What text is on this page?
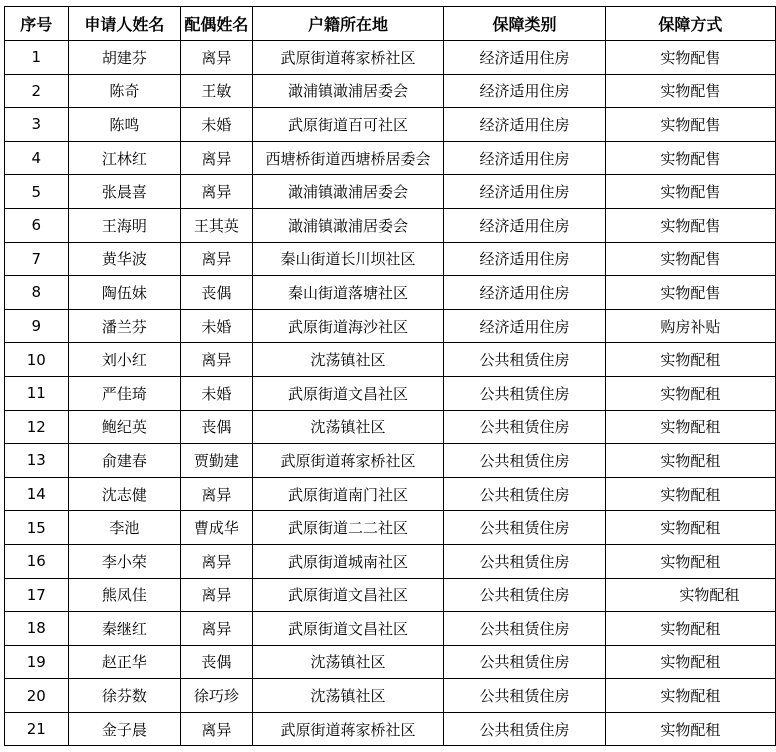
序号	申请人姓名	配偶姓名	户籍所在地	保障类别	保障方式
1	胡建芬	离异	武原街道蒋家桥社区	经济适用住房	实物配售
2	陈奇	王敏	澉浦镇澉浦居委会	经济适用住房	实物配售
3	陈鸣	未婚	武原街道百可社区	经济适用住房	实物配售
4	江林红	离异	西塘桥街道西塘桥居委会	经济适用住房	实物配售
5	张晨喜	离异	澉浦镇澉浦居委会	经济适用住房	实物配售
6	王海明	王其英	澉浦镇澉浦居委会	经济适用住房	实物配售
7	黄华波	离异	秦山街道长川坝社区	经济适用住房	实物配售
8	陶伍妹	丧偶	秦山街道落塘社区	经济适用住房	实物配售
9	潘兰芬	未婚	武原街道海沙社区	经济适用住房	购房补贴
10	刘小红	离异	沈荡镇社区	公共租赁住房	实物配租
11	严佳琦	未婚	武原街道文昌社区	公共租赁住房	实物配租
12	鲍纪英	丧偶	沈荡镇社区	公共租赁住房	实物配租
13	俞建春	贾勤建	武原街道蒋家桥社区	公共租赁住房	实物配租
14	沈志健	离异	武原街道南门社区	公共租赁住房	实物配租
15	李池	曹成华	武原街道二二社区	公共租赁住房	实物配租
16	李小荣	离异	武原街道城南社区	公共租赁住房	实物配租
17	熊凤佳	离异	武原街道文昌社区	公共租赁住房	实物配租
18	秦继红	离异	武原街道文昌社区	公共租赁住房	实物配租
19	赵正华	丧偶	沈荡镇社区	公共租赁住房	实物配租
20	徐芬数	徐巧珍	沈荡镇社区	公共租赁住房	实物配租
21	金子晨	离异	武原街道蒋家桥社区	公共租赁住房	实物配租
